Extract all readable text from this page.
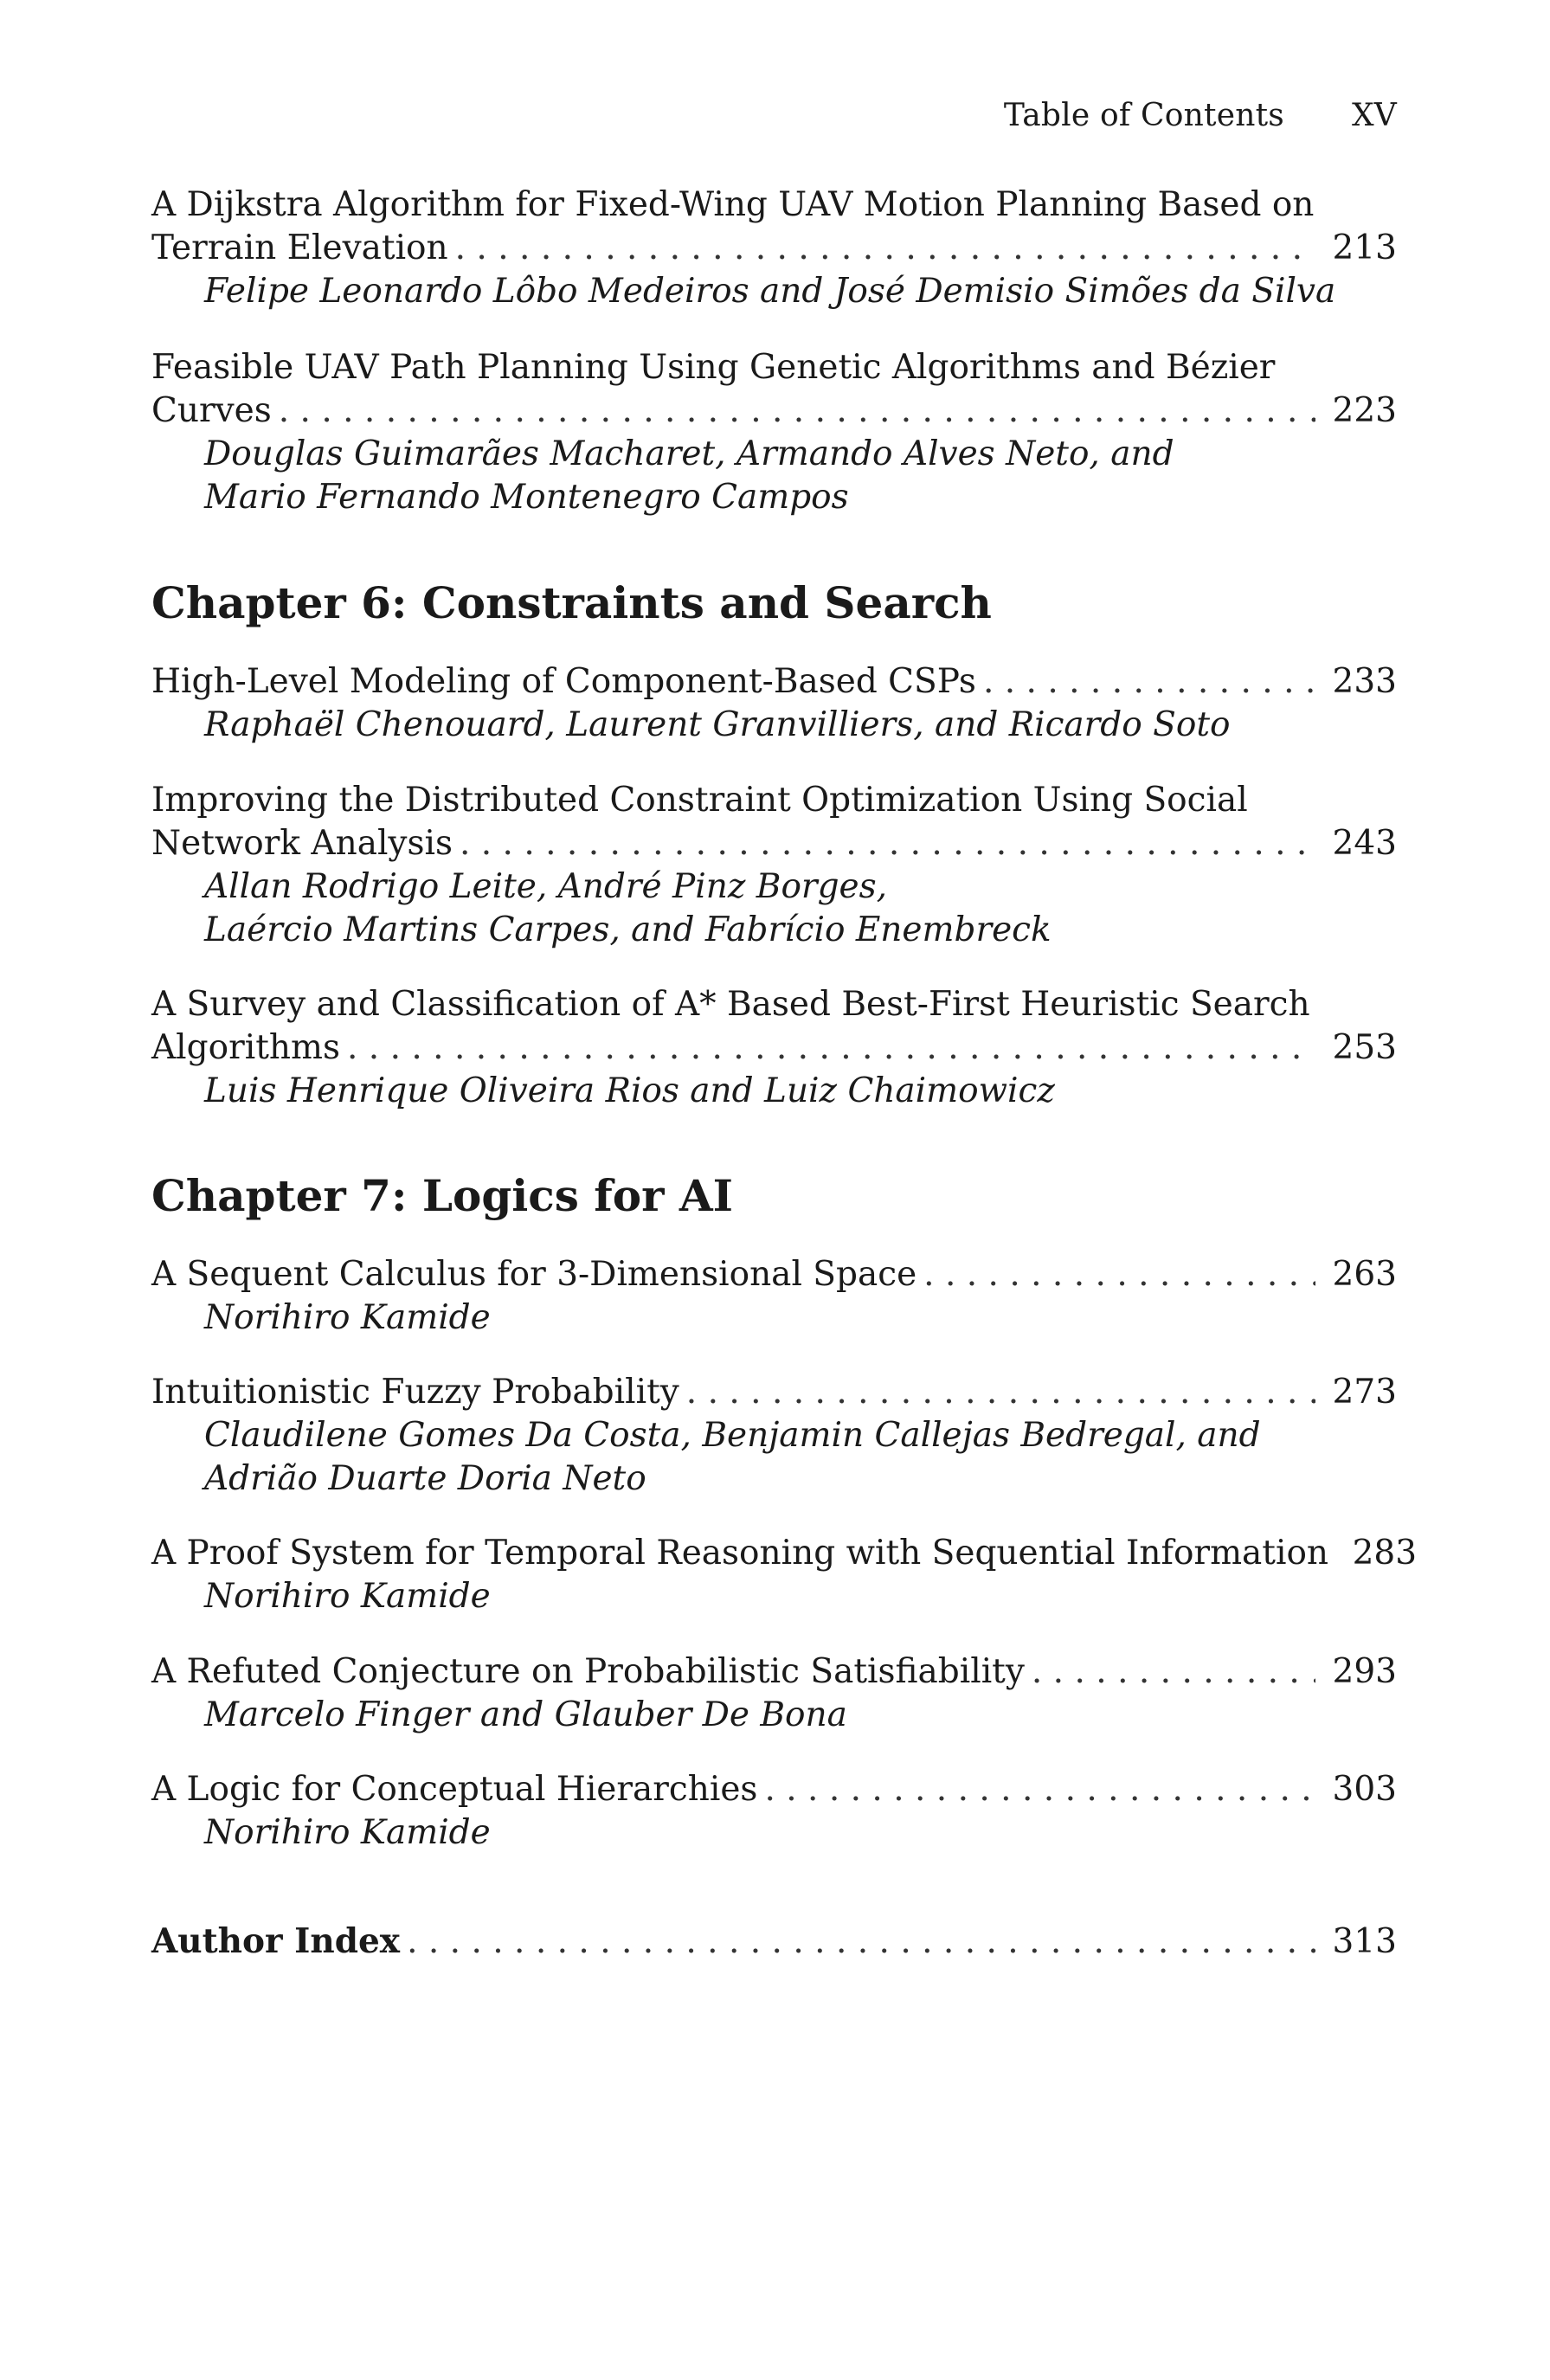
Table of Contents XV
A Dijkstra Algorithm for Fixed-Wing UAV Motion Planning Based on
Terrain Elevation . . .	213
Felipe Leonardo Lôbo Medeiros and José Demisio Simões da Silva
Feasible UAV Path Planning Using Genetic Algorithms and Bézier
Curves . . .	223
Douglas Guimarães Macharet, Armando Alves Neto, and
Mario Fernando Montenegro Campos
Chapter 6: Constraints and Search
High-Level Modeling of Component-Based CSPs . . .	233
Raphaël Chenouard, Laurent Granvilliers, and Ricardo Soto
Improving the Distributed Constraint Optimization Using Social
Network Analysis . . .	243
Allan Rodrigo Leite, André Pinz Borges,
Laércio Martins Carpes, and Fabrício Enembreck
A Survey and Classification of A* Based Best-First Heuristic Search
Algorithms . . .	253
Luis Henrique Oliveira Rios and Luiz Chaimowicz
Chapter 7: Logics for AI
A Sequent Calculus for 3-Dimensional Space . . .	263
Norihiro Kamide
Intuitionistic Fuzzy Probability . . .	273
Claudilene Gomes Da Costa, Benjamin Callejas Bedregal, and
Adrião Duarte Doria Neto
A Proof System for Temporal Reasoning with Sequential Information 283
Norihiro Kamide
A Refuted Conjecture on Probabilistic Satisfiability . . .	293
Marcelo Finger and Glauber De Bona
A Logic for Conceptual Hierarchies . . .	303
Norihiro Kamide
Author Index . . .	313
